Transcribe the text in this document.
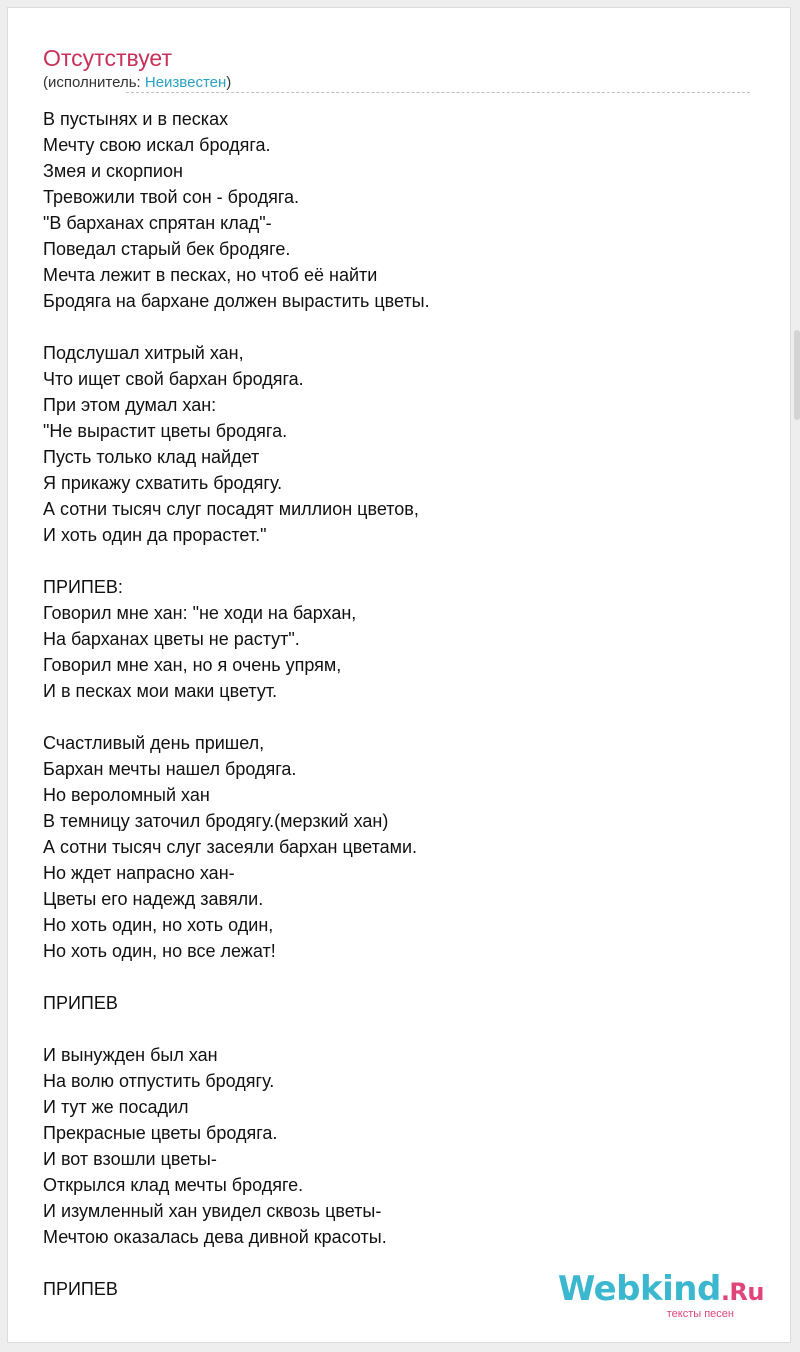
Отсутствует
(исполнитель: Неизвестен)
В пустынях и в песках
Мечту свою искал бродяга.
Змея и скорпион
Тревожили твой сон - бродяга.
"В барханах спрятан клад"-
Поведал старый бек бродяге.
Мечта лежит в песках, но чтоб её найти
Бродяга на бархане должен вырастить цветы.
Подслушал хитрый хан,
Что ищет свой бархан бродяга.
При этом думал хан:
"Не вырастит цветы бродяга.
Пусть только клад найдет
Я прикажу схватить бродягу.
А сотни тысяч слуг посадят миллион цветов,
И хоть один да прорастет."
ПРИПЕВ:
Говорил мне хан: "не ходи на бархан,
На барханах цветы не растут".
Говорил мне хан, но я очень упрям,
И в песках мои маки цветут.
Счастливый день пришел,
Бархан мечты нашел бродяга.
Но вероломный хан
В темницу заточил бродягу.(мерзкий хан)
А сотни тысяч слуг засеяли бархан цветами.
Но ждет напрасно хан-
Цветы его надежд завяли.
Но хоть один, но хоть один,
Но хоть один, но все лежат!
ПРИПЕВ
И вынужден был хан
На волю отпустить бродягу.
И тут же посадил
Прекрасные цветы бродяга.
И вот взошли цветы-
Открылся клад мечты бродяге.
И изумленный хан увидел сквозь цветы-
Мечтою оказалась дева дивной красоты.
ПРИПЕВ	Webkind.Ru
тексты песен
